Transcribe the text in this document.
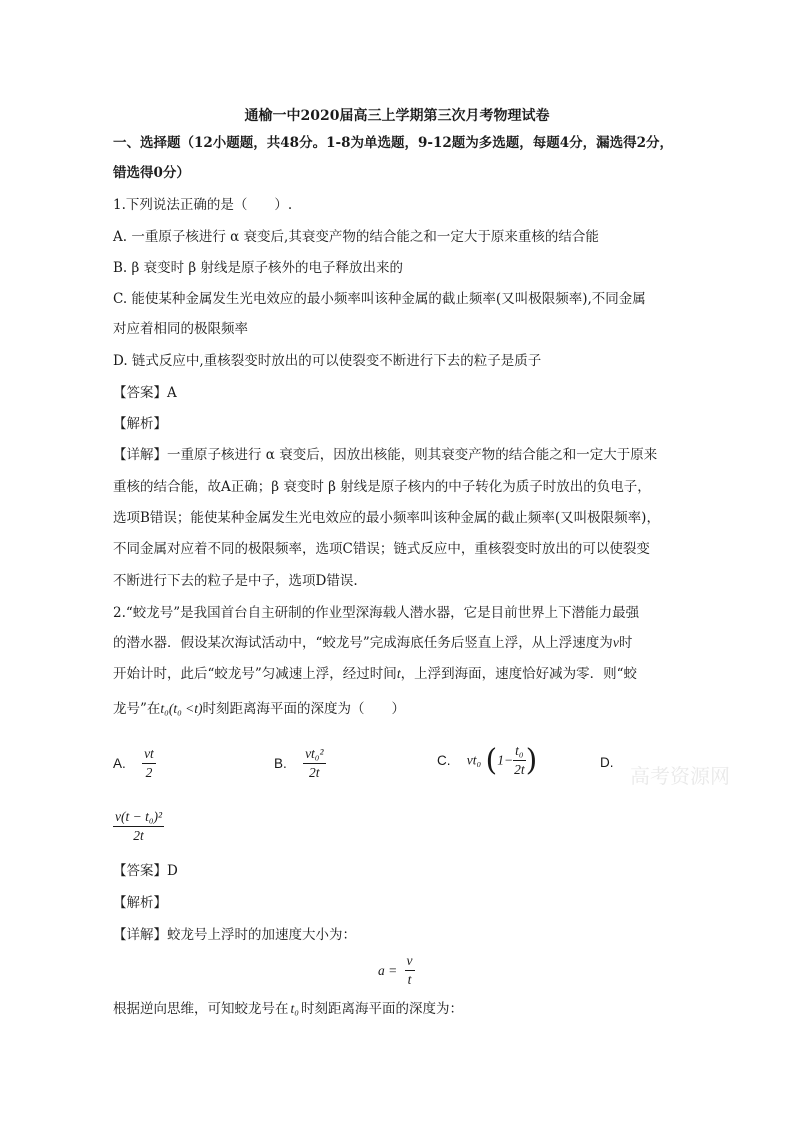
通榆一中2020届高三上学期第三次月考物理试卷
一、选择题（12小题题，共48分。1-8为单选题，9-12题为多选题，每题4分，漏选得2分，
错选得0分）
1.下列说法正确的是（　　）.
A. 一重原子核进行 α 衰变后,其衰变产物的结合能之和一定大于原来重核的结合能
B. β 衰变时 β 射线是原子核外的电子释放出来的
C. 能使某种金属发生光电效应的最小频率叫该种金属的截止频率(又叫极限频率),不同金属
对应着相同的极限频率
D. 链式反应中,重核裂变时放出的可以使裂变不断进行下去的粒子是质子
【答案】A
【解析】
【详解】一重原子核进行 α 衰变后，因放出核能，则其衰变产物的结合能之和一定大于原来
重核的结合能，故A正确；β 衰变时 β 射线是原子核内的中子转化为质子时放出的负电子，
选项B错误；能使某种金属发生光电效应的最小频率叫该种金属的截止频率(又叫极限频率)，
不同金属对应着不同的极限频率，选项C错误；链式反应中，重核裂变时放出的可以使裂变
不断进行下去的粒子是中子，选项D错误.
2.“蛟龙号”是我国首台自主研制的作业型深海载人潜水器，它是目前世界上下潜能力最强
的潜水器．假设某次海试活动中，“蛟龙号”完成海底任务后竖直上浮，从上浮速度为v时
开始计时，此后“蛟龙号”匀减速上浮，经过时间t，上浮到海面，速度恰好减为零．则“蛟
龙号”在t₀(t₀ <t)时刻距离海平面的深度为（　　）
A. $\frac{vt}{2}$	B. $\frac{\text{vt₀²}}{2t}$	C. vt₀ ($1- \frac{\text{t₀}}{2t}$ )	D.
$\frac{\text{v(t − t₀)²}}{2t}$
【答案】D
【解析】
【详解】蛟龙号上浮时的加速度大小为：
$a = \frac{v}{t}$
根据逆向思维，可知蛟龙号在 t₀ 时刻距离海平面的深度为：
高考资源网
